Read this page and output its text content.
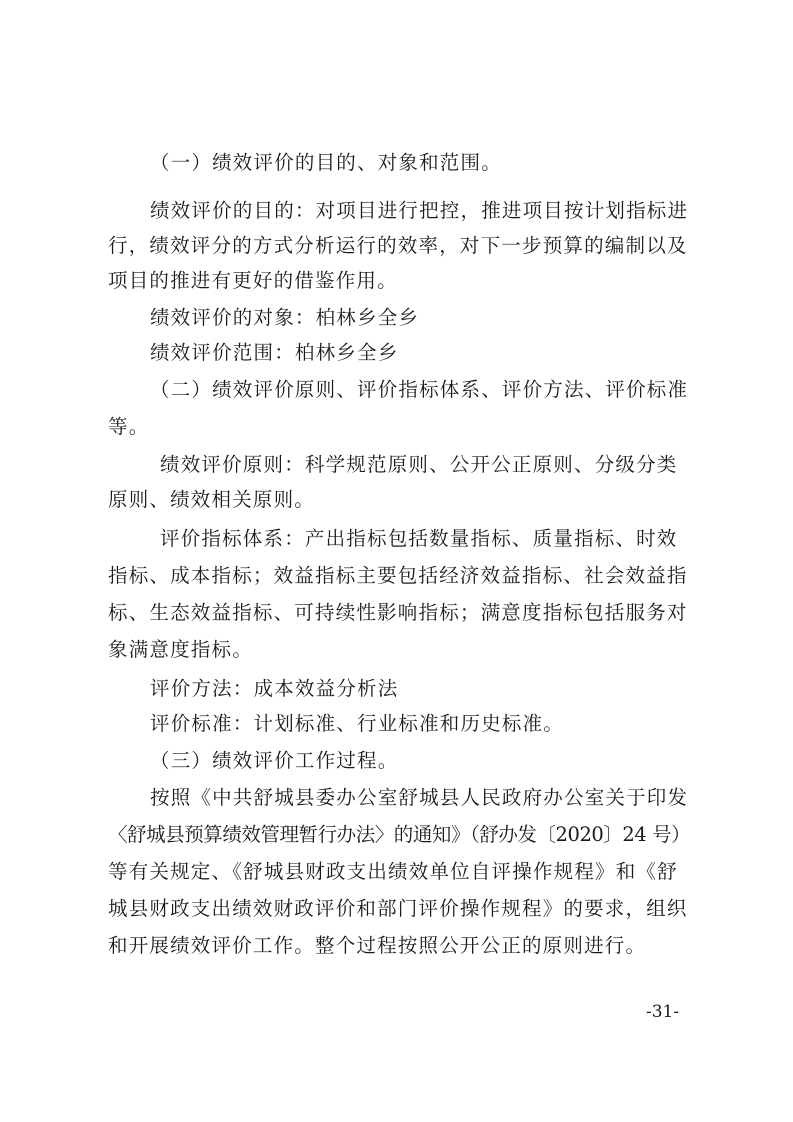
（一）绩效评价的目的、对象和范围。
绩效评价的目的：对项目进行把控，推进项目按计划指标进
行，绩效评分的方式分析运行的效率，对下一步预算的编制以及
项目的推进有更好的借鉴作用。
绩效评价的对象：柏林乡全乡
绩效评价范围：柏林乡全乡
（二）绩效评价原则、评价指标体系、评价方法、评价标准
等。
绩效评价原则：科学规范原则、公开公正原则、分级分类
原则、绩效相关原则。
评价指标体系：产出指标包括数量指标、质量指标、时效
指标、成本指标；效益指标主要包括经济效益指标、社会效益指
标、生态效益指标、可持续性影响指标；满意度指标包括服务对
象满意度指标。
评价方法：成本效益分析法
评价标准：计划标准、行业标准和历史标准。
（三）绩效评价工作过程。
按照《中共舒城县委办公室舒城县人民政府办公室关于印发
〈舒城县预算绩效管理暂行办法〉的通知》（舒办发〔2020〕24 号）
等有关规定、《舒城县财政支出绩效单位自评操作规程》和《舒
城县财政支出绩效财政评价和部门评价操作规程》的要求，组织
和开展绩效评价工作。整个过程按照公开公正的原则进行。
-31-
